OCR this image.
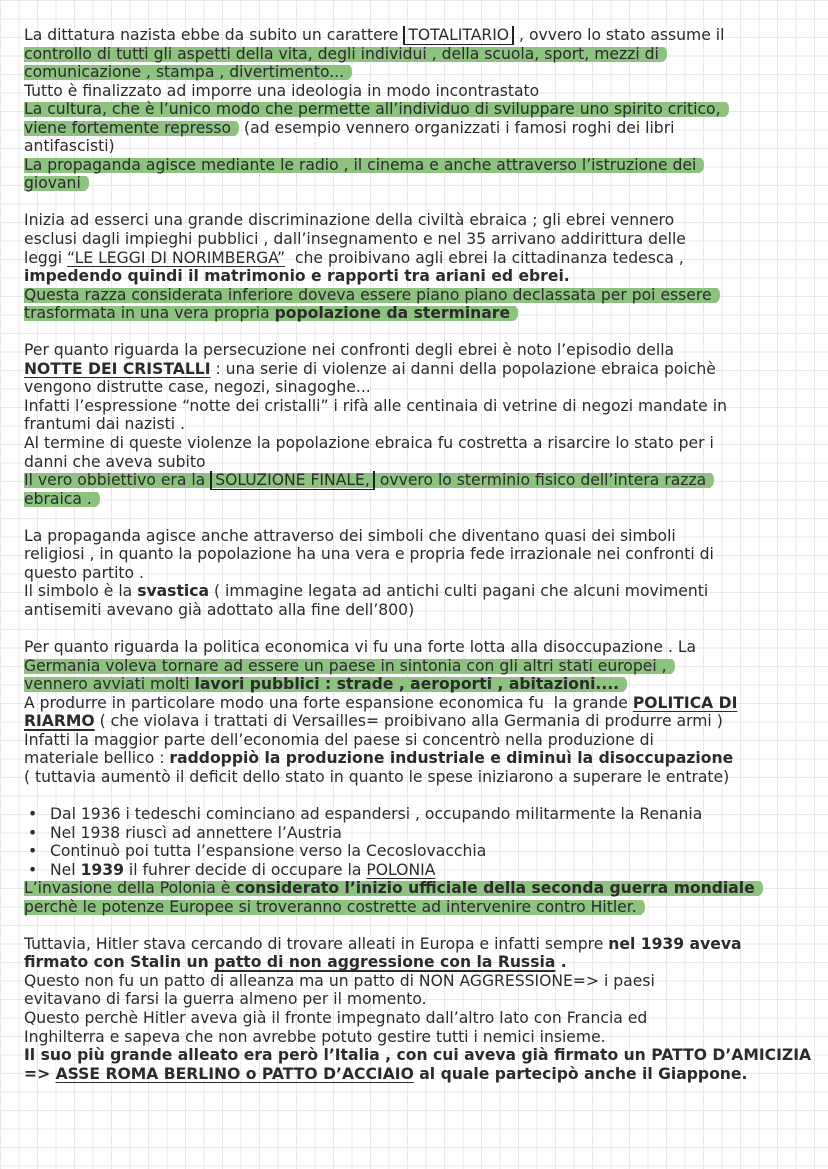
La dittatura nazista ebbe da subito un carattere TOTALITARIO , ovvero lo stato assume il
controllo di tutti gli aspetti della vita, degli individui , della scuola, sport, mezzi di
comunicazione , stampa , divertimento...
Tutto è finalizzato ad imporre una ideologia in modo incontrastato
La cultura, che è l’unico modo che permette all’individuo di sviluppare uno spirito critico,
viene fortemente represso (ad esempio vennero organizzati i famosi roghi dei libri
antifascisti)
La propaganda agisce mediante le radio , il cinema e anche attraverso l’istruzione dei
giovani
Inizia ad esserci una grande discriminazione della civiltà ebraica ; gli ebrei vennero
esclusi dagli impieghi pubblici , dall’insegnamento e nel 35 arrivano addirittura delle
leggi “LE LEGGI DI NORIMBERGA”  che proibivano agli ebrei la cittadinanza tedesca ,
impedendo quindi il matrimonio e rapporti tra ariani ed ebrei.
Questa razza considerata inferiore doveva essere piano piano declassata per poi essere
trasformata in una vera propria popolazione da sterminare
Per quanto riguarda la persecuzione nei confronti degli ebrei è noto l’episodio della
NOTTE DEI CRISTALLI : una serie di violenze ai danni della popolazione ebraica poichè
vengono distrutte case, negozi, sinagoghe...
Infatti l’espressione “notte dei cristalli” i rifà alle centinaia di vetrine di negozi mandate in
frantumi dai nazisti .
Al termine di queste violenze la popolazione ebraica fu costretta a risarcire lo stato per i
danni che aveva subito
Il vero obbiettivo era la SOLUZIONE FINALE, ovvero lo sterminio fisico dell’intera razza
ebraica .
La propaganda agisce anche attraverso dei simboli che diventano quasi dei simboli
religiosi , in quanto la popolazione ha una vera e propria fede irrazionale nei confronti di
questo partito .
Il simbolo è la svastica ( immagine legata ad antichi culti pagani che alcuni movimenti
antisemiti avevano già adottato alla fine dell’800)
Per quanto riguarda la politica economica vi fu una forte lotta alla disoccupazione . La
Germania voleva tornare ad essere un paese in sintonia con gli altri stati europei ,
vennero avviati molti lavori pubblici : strade , aeroporti , abitazioni....
A produrre in particolare modo una forte espansione economica fu  la grande POLITICA DI
RIARMO ( che violava i trattati di Versailles= proibivano alla Germania di produrre armi )
Infatti la maggior parte dell’economia del paese si concentrò nella produzione di
materiale bellico : raddoppiò la produzione industriale e diminuì la disoccupazione
( tuttavia aumentò il deficit dello stato in quanto le spese iniziarono a superare le entrate)
• Dal 1936 i tedeschi cominciano ad espandersi , occupando militarmente la Renania
• Nel 1938 riuscì ad annettere l’Austria
• Continuò poi tutta l’espansione verso la Cecoslovacchia
• Nel 1939 il fuhrer decide di occupare la POLONIA
L’invasione della Polonia è considerato l’inizio ufficiale della seconda guerra mondiale
perchè le potenze Europee si troveranno costrette ad intervenire contro Hitler.
Tuttavia, Hitler stava cercando di trovare alleati in Europa e infatti sempre nel 1939 aveva
firmato con Stalin un patto di non aggressione con la Russia .
Questo non fu un patto di alleanza ma un patto di NON AGGRESSIONE=> i paesi
evitavano di farsi la guerra almeno per il momento.
Questo perchè Hitler aveva già il fronte impegnato dall’altro lato con Francia ed
Inghilterra e sapeva che non avrebbe potuto gestire tutti i nemici insieme.
Il suo più grande alleato era però l’Italia , con cui aveva già firmato un PATTO D’AMICIZIA
=> ASSE ROMA BERLINO o PATTO D’ACCIAIO al quale partecipò anche il Giappone.
